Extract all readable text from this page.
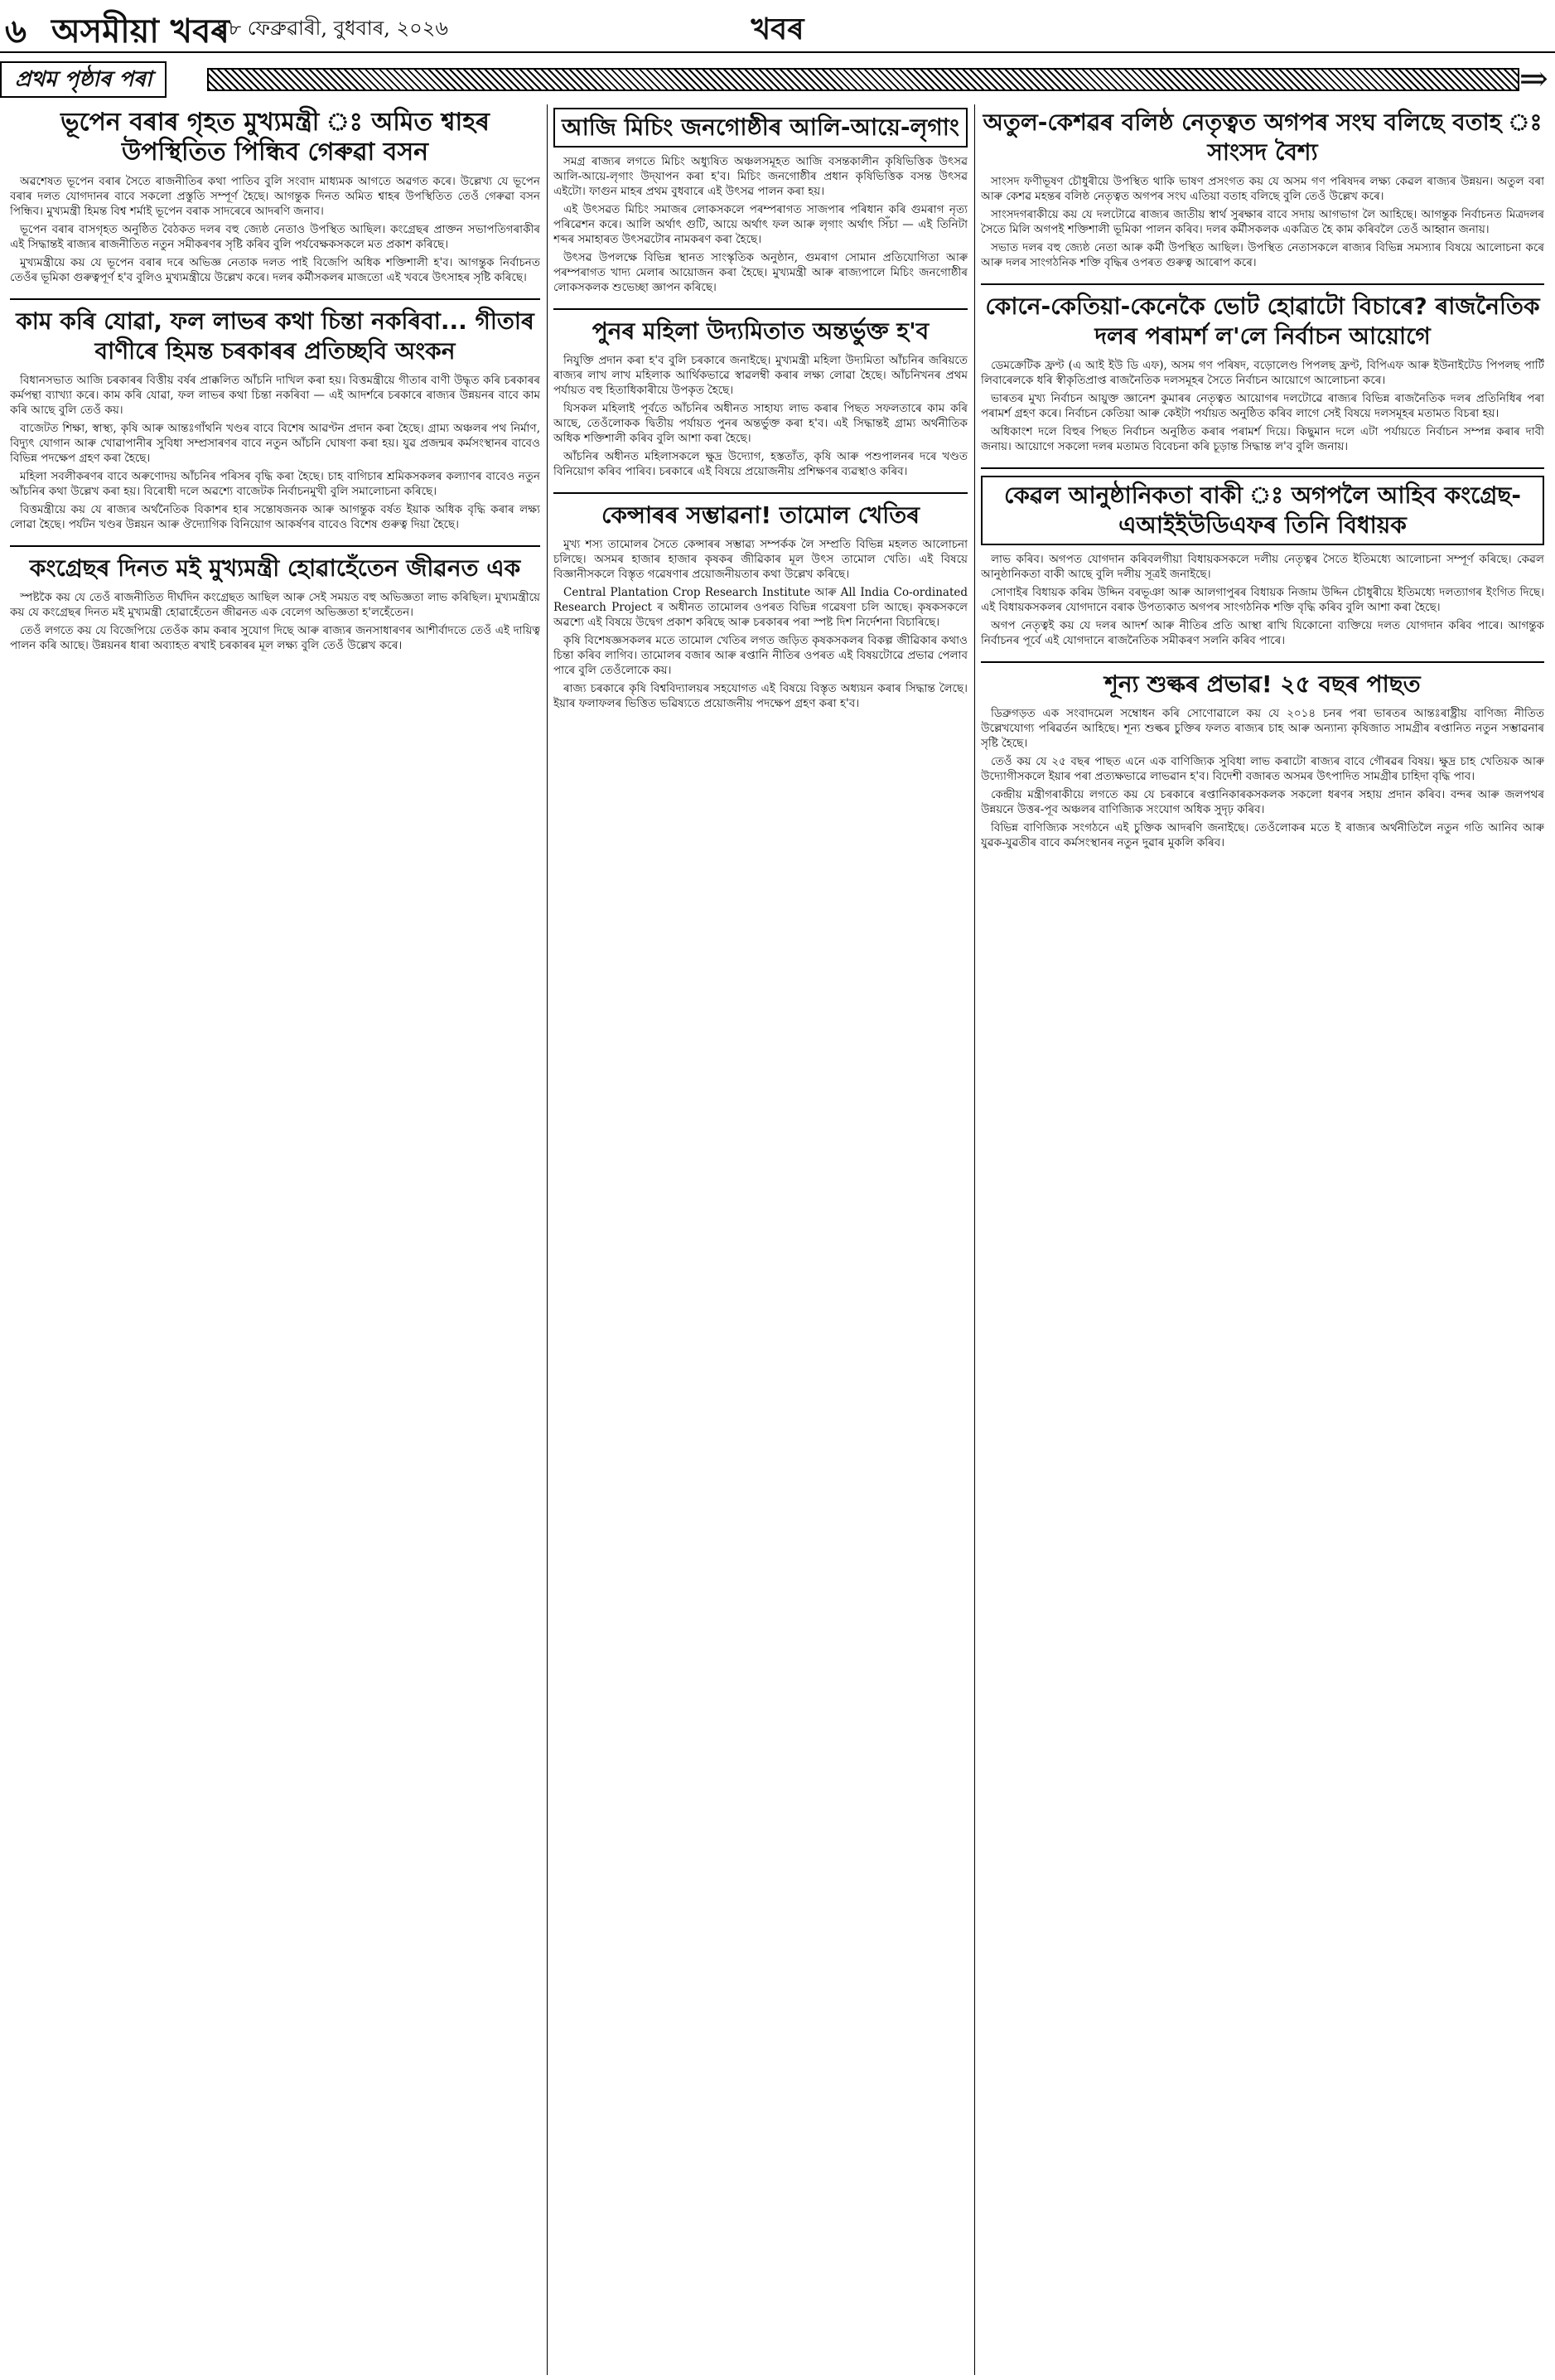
৬ অসমীয়া খবৰ
১৮ ফেব্ৰুৱাৰী, বুধবাৰ, ২০২৬	খবৰ
প্ৰথম পৃষ্ঠাৰ পৰা	⇒
ভূপেন বৰাৰ গৃহত মুখ্যমন্ত্ৰী ঃ অমিত শ্বাহৰ উপস্থিতিত পিন্ধিব গেৰুৱা বসন

অৱশেষত ভূপেন বৰাৰ সৈতে ৰাজনীতিৰ কথা পাতিব বুলি সংবাদ মাধ্যমক আগতে অৱগত কৰে। উল্লেখ্য যে ভূপেন বৰাৰ দলত যোগদানৰ বাবে সকলো প্ৰস্তুতি সম্পূৰ্ণ হৈছে। আগন্তুক দিনত অমিত শ্বাহৰ উপস্থিতিত তেওঁ গেৰুৱা বসন পিন্ধিব। মুখ্যমন্ত্ৰী হিমন্ত বিশ্ব শৰ্মাই ভূপেন বৰাক সাদৰেৰে আদৰণি জনাব।

ভূপেন বৰাৰ বাসগৃহত অনুষ্ঠিত বৈঠকত দলৰ বহু জ্যেষ্ঠ নেতাও উপস্থিত আছিল। কংগ্ৰেছৰ প্ৰাক্তন সভাপতিগৰাকীৰ এই সিদ্ধান্তই ৰাজ্যৰ ৰাজনীতিত নতুন সমীকৰণৰ সৃষ্টি কৰিব বুলি পৰ্যবেক্ষকসকলে মত প্ৰকাশ কৰিছে।

মুখ্যমন্ত্ৰীয়ে কয় যে ভূপেন বৰাৰ দৰে অভিজ্ঞ নেতাক দলত পাই বিজেপি অধিক শক্তিশালী হ'ব। আগন্তুক নিৰ্বাচনত তেওঁৰ ভূমিকা গুৰুত্বপূৰ্ণ হ'ব বুলিও মুখ্যমন্ত্ৰীয়ে উল্লেখ কৰে। দলৰ কৰ্মীসকলৰ মাজতো এই খবৰে উৎসাহৰ সৃষ্টি কৰিছে।

কাম কৰি যোৱা, ফল লাভৰ কথা চিন্তা নকৰিবা... গীতাৰ বাণীৰে হিমন্ত চৰকাৰৰ প্ৰতিচ্ছবি অংকন

বিধানসভাত আজি চৰকাৰৰ বিত্তীয় বৰ্ষৰ প্ৰাক্কলিত আঁচনি দাখিল কৰা হয়। বিত্তমন্ত্ৰীয়ে গীতাৰ বাণী উদ্ধৃত কৰি চৰকাৰৰ কৰ্মপন্থা ব্যাখ্যা কৰে। কাম কৰি যোৱা, ফল লাভৰ কথা চিন্তা নকৰিবা — এই আদৰ্শৰে চৰকাৰে ৰাজ্যৰ উন্নয়নৰ বাবে কাম কৰি আছে বুলি তেওঁ কয়।

বাজেটত শিক্ষা, স্বাস্থ্য, কৃষি আৰু আন্তঃগাঁথনি খণ্ডৰ বাবে বিশেষ আৱণ্টন প্ৰদান কৰা হৈছে। গ্ৰাম্য অঞ্চলৰ পথ নিৰ্মাণ, বিদ্যুৎ যোগান আৰু খোৱাপানীৰ সুবিধা সম্প্ৰসাৰণৰ বাবে নতুন আঁচনি ঘোষণা কৰা হয়। যুৱ প্ৰজন্মৰ কৰ্মসংস্থানৰ বাবেও বিভিন্ন পদক্ষেপ গ্ৰহণ কৰা হৈছে।

মহিলা সবলীকৰণৰ বাবে অৰুণোদয় আঁচনিৰ পৰিসৰ বৃদ্ধি কৰা হৈছে। চাহ বাগিচাৰ শ্ৰমিকসকলৰ কল্যাণৰ বাবেও নতুন আঁচনিৰ কথা উল্লেখ কৰা হয়। বিৰোধী দলে অৱশ্যে বাজেটক নিৰ্বাচনমুখী বুলি সমালোচনা কৰিছে।

বিত্তমন্ত্ৰীয়ে কয় যে ৰাজ্যৰ অৰ্থনৈতিক বিকাশৰ হাৰ সন্তোষজনক আৰু আগন্তুক বৰ্ষত ইয়াক অধিক বৃদ্ধি কৰাৰ লক্ষ্য লোৱা হৈছে। পৰ্যটন খণ্ডৰ উন্নয়ন আৰু ঔদ্যোগিক বিনিয়োগ আকৰ্ষণৰ বাবেও বিশেষ গুৰুত্ব দিয়া হৈছে।

কংগ্ৰেছৰ দিনত মই মুখ্যমন্ত্ৰী হোৱাহেঁতেন জীৱনত এক

স্পষ্টকৈ কয় যে তেওঁ ৰাজনীতিত দীৰ্ঘদিন কংগ্ৰেছত আছিল আৰু সেই সময়ত বহু অভিজ্ঞতা লাভ কৰিছিল। মুখ্যমন্ত্ৰীয়ে কয় যে কংগ্ৰেছৰ দিনত মই মুখ্যমন্ত্ৰী হোৱাহেঁতেন জীৱনত এক বেলেগ অভিজ্ঞতা হ'লহেঁতেন।

তেওঁ লগতে কয় যে বিজেপিয়ে তেওঁক কাম কৰাৰ সুযোগ দিছে আৰু ৰাজ্যৰ জনসাধাৰণৰ আশীৰ্বাদতে তেওঁ এই দায়িত্ব পালন কৰি আছে। উন্নয়নৰ ধাৰা অব্যাহত ৰখাই চৰকাৰৰ মূল লক্ষ্য বুলি তেওঁ উল্লেখ কৰে।

আজি মিচিং জনগোষ্ঠীৰ আলি-আয়ে-লৃগাং

সমগ্ৰ ৰাজ্যৰ লগতে মিচিং অধ্যুষিত অঞ্চলসমূহত আজি বসন্তকালীন কৃষিভিত্তিক উৎসৱ আলি-আয়ে-লৃগাং উদ্‌যাপন কৰা হ'ব। মিচিং জনগোষ্ঠীৰ প্ৰধান কৃষিভিত্তিক বসন্ত উৎসৱ এইটো। ফাগুন মাহৰ প্ৰথম বুধবাৰে এই উৎসৱ পালন কৰা হয়।

এই উৎসৱত মিচিং সমাজৰ লোকসকলে পৰম্পৰাগত সাজপাৰ পৰিধান কৰি গুমৰাগ নৃত্য পৰিৱেশন কৰে। আলি অৰ্থাৎ গুটি, আয়ে অৰ্থাৎ ফল আৰু লৃগাং অৰ্থাৎ সিঁচা — এই তিনিটা শব্দৰ সমাহাৰত উৎসৱটোৰ নামকৰণ কৰা হৈছে।

উৎসৱ উপলক্ষে বিভিন্ন স্থানত সাংস্কৃতিক অনুষ্ঠান, গুমৰাগ সোমান প্ৰতিযোগিতা আৰু পৰম্পৰাগত খাদ্য মেলাৰ আয়োজন কৰা হৈছে। মুখ্যমন্ত্ৰী আৰু ৰাজ্যপালে মিচিং জনগোষ্ঠীৰ লোকসকলক শুভেচ্ছা জ্ঞাপন কৰিছে।

পুনৰ মহিলা উদ্যমিতাত অন্তৰ্ভুক্ত হ'ব

নিযুক্তি প্ৰদান কৰা হ'ব বুলি চৰকাৰে জনাইছে। মুখ্যমন্ত্ৰী মহিলা উদ্যমিতা আঁচনিৰ জৰিয়তে ৰাজ্যৰ লাখ লাখ মহিলাক আৰ্থিকভাৱে স্বাৱলম্বী কৰাৰ লক্ষ্য লোৱা হৈছে। আঁচনিখনৰ প্ৰথম পৰ্যায়ত বহু হিতাধিকাৰীয়ে উপকৃত হৈছে।

যিসকল মহিলাই পূৰ্বতে আঁচনিৰ অধীনত সাহায্য লাভ কৰাৰ পিছত সফলতাৰে কাম কৰি আছে, তেওঁলোকক দ্বিতীয় পৰ্যায়ত পুনৰ অন্তৰ্ভুক্ত কৰা হ'ব। এই সিদ্ধান্তই গ্ৰাম্য অৰ্থনীতিক অধিক শক্তিশালী কৰিব বুলি আশা কৰা হৈছে।

আঁচনিৰ অধীনত মহিলাসকলে ক্ষুদ্ৰ উদ্যোগ, হস্ততাঁত, কৃষি আৰু পশুপালনৰ দৰে খণ্ডত বিনিয়োগ কৰিব পাৰিব। চৰকাৰে এই বিষয়ে প্ৰয়োজনীয় প্ৰশিক্ষণৰ ব্যৱস্থাও কৰিব।

কেন্সাৰৰ সম্ভাৱনা! তামোল খেতিৰ

মুখ্য শস্য তামোলৰ সৈতে কেন্সাৰৰ সম্ভাৱ্য সম্পৰ্কক লৈ সম্প্ৰতি বিভিন্ন মহলত আলোচনা চলিছে। অসমৰ হাজাৰ হাজাৰ কৃষকৰ জীৱিকাৰ মূল উৎস তামোল খেতি। এই বিষয়ে বিজ্ঞানীসকলে বিস্তৃত গৱেষণাৰ প্ৰয়োজনীয়তাৰ কথা উল্লেখ কৰিছে।

Central Plantation Crop Research Institute আৰু All India Co-ordinated Research Project ৰ অধীনত তামোলৰ ওপৰত বিভিন্ন গৱেষণা চলি আছে। কৃষকসকলে অৱশ্যে এই বিষয়ে উদ্বেগ প্ৰকাশ কৰিছে আৰু চৰকাৰৰ পৰা স্পষ্ট দিশ নিৰ্দেশনা বিচাৰিছে।

কৃষি বিশেষজ্ঞসকলৰ মতে তামোল খেতিৰ লগত জড়িত কৃষকসকলৰ বিকল্প জীৱিকাৰ কথাও চিন্তা কৰিব লাগিব। তামোলৰ বজাৰ আৰু ৰপ্তানি নীতিৰ ওপৰত এই বিষয়টোৱে প্ৰভাৱ পেলাব পাৰে বুলি তেওঁলোকে কয়।

ৰাজ্য চৰকাৰে কৃষি বিশ্ববিদ্যালয়ৰ সহযোগত এই বিষয়ে বিস্তৃত অধ্যয়ন কৰাৰ সিদ্ধান্ত লৈছে। ইয়াৰ ফলাফলৰ ভিত্তিত ভৱিষ্যতে প্ৰয়োজনীয় পদক্ষেপ গ্ৰহণ কৰা হ'ব।

অতুল-কেশৱৰ বলিষ্ঠ নেতৃত্বত অগপৰ সংঘ বলিছে বতাহ ঃ সাংসদ বৈশ্য

সাংসদ ফণীভূষণ চৌধুৰীয়ে উপস্থিত থাকি ভাষণ প্ৰসংগত কয় যে অসম গণ পৰিষদৰ লক্ষ্য কেৱল ৰাজ্যৰ উন্নয়ন। অতুল বৰা আৰু কেশৱ মহন্তৰ বলিষ্ঠ নেতৃত্বত অগপৰ সংঘ এতিয়া বতাহ বলিছে বুলি তেওঁ উল্লেখ কৰে।

সাংসদগৰাকীয়ে কয় যে দলটোৱে ৰাজ্যৰ জাতীয় স্বাৰ্থ সুৰক্ষাৰ বাবে সদায় আগভাগ লৈ আহিছে। আগন্তুক নিৰ্বাচনত মিত্ৰদলৰ সৈতে মিলি অগপই শক্তিশালী ভূমিকা পালন কৰিব। দলৰ কৰ্মীসকলক একত্ৰিত হৈ কাম কৰিবলৈ তেওঁ আহ্বান জনায়।

সভাত দলৰ বহু জ্যেষ্ঠ নেতা আৰু কৰ্মী উপস্থিত আছিল। উপস্থিত নেতাসকলে ৰাজ্যৰ বিভিন্ন সমস্যাৰ বিষয়ে আলোচনা কৰে আৰু দলৰ সাংগঠনিক শক্তি বৃদ্ধিৰ ওপৰত গুৰুত্ব আৰোপ কৰে।

কোনে-কেতিয়া-কেনেকৈ ভোট হোৱাটো বিচাৰে? ৰাজনৈতিক দলৰ পৰামৰ্শ ল'লে নিৰ্বাচন আয়োগে

ডেমক্ৰেটিক ফ্ৰণ্ট (এ আই ইউ ডি এফ), অসম গণ পৰিষদ, বড়োলেণ্ড পিপলছ ফ্ৰণ্ট, বিপিএফ আৰু ইউনাইটেড পিপলছ পাৰ্টি লিবাৰেলকে ধৰি স্বীকৃতিপ্ৰাপ্ত ৰাজনৈতিক দলসমূহৰ সৈতে নিৰ্বাচন আয়োগে আলোচনা কৰে।

ভাৰতৰ মুখ্য নিৰ্বাচন আয়ুক্ত জ্ঞানেশ কুমাৰৰ নেতৃত্বত আয়োগৰ দলটোৱে ৰাজ্যৰ বিভিন্ন ৰাজনৈতিক দলৰ প্ৰতিনিধিৰ পৰা পৰামৰ্শ গ্ৰহণ কৰে। নিৰ্বাচন কেতিয়া আৰু কেইটা পৰ্যায়ত অনুষ্ঠিত কৰিব লাগে সেই বিষয়ে দলসমূহৰ মতামত বিচৰা হয়।

অধিকাংশ দলে বিহুৰ পিছত নিৰ্বাচন অনুষ্ঠিত কৰাৰ পৰামৰ্শ দিয়ে। কিছুমান দলে এটা পৰ্যায়তে নিৰ্বাচন সম্পন্ন কৰাৰ দাবী জনায়। আয়োগে সকলো দলৰ মতামত বিবেচনা কৰি চূড়ান্ত সিদ্ধান্ত ল'ব বুলি জনায়।

কেৱল আনুষ্ঠানিকতা বাকী ঃ অগপলৈ আহিব কংগ্ৰেছ-এআইইউডিএফৰ তিনি বিধায়ক

লাভ কৰিব। অগপত যোগদান কৰিবলগীয়া বিধায়কসকলে দলীয় নেতৃত্বৰ সৈতে ইতিমধ্যে আলোচনা সম্পূৰ্ণ কৰিছে। কেৱল আনুষ্ঠানিকতা বাকী আছে বুলি দলীয় সূত্ৰই জনাইছে।

সোণাইৰ বিধায়ক কৰিম উদ্দিন বৰভূঞা আৰু আলগাপুৰৰ বিধায়ক নিজাম উদ্দিন চৌধুৰীয়ে ইতিমধ্যে দলত্যাগৰ ইংগিত দিছে। এই বিধায়কসকলৰ যোগদানে বৰাক উপত্যকাত অগপৰ সাংগঠনিক শক্তি বৃদ্ধি কৰিব বুলি আশা কৰা হৈছে।

অগপ নেতৃত্বই কয় যে দলৰ আদৰ্শ আৰু নীতিৰ প্ৰতি আস্থা ৰাখি যিকোনো ব্যক্তিয়ে দলত যোগদান কৰিব পাৰে। আগন্তুক নিৰ্বাচনৰ পূৰ্বে এই যোগদানে ৰাজনৈতিক সমীকৰণ সলনি কৰিব পাৰে।

শূন্য শুল্কৰ প্ৰভাৱ! ২৫ বছৰ পাছত

ডিব্ৰুগড়ত এক সংবাদমেল সম্বোধন কৰি সোণোৱালে কয় যে ২০১৪ চনৰ পৰা ভাৰতৰ আন্তঃৰাষ্ট্ৰীয় বাণিজ্য নীতিত উল্লেখযোগ্য পৰিৱৰ্তন আহিছে। শূন্য শুল্কৰ চুক্তিৰ ফলত ৰাজ্যৰ চাহ আৰু অন্যান্য কৃষিজাত সামগ্ৰীৰ ৰপ্তানিত নতুন সম্ভাৱনাৰ সৃষ্টি হৈছে।

তেওঁ কয় যে ২৫ বছৰ পাছত এনে এক বাণিজ্যিক সুবিধা লাভ কৰাটো ৰাজ্যৰ বাবে গৌৰৱৰ বিষয়। ক্ষুদ্ৰ চাহ খেতিয়ক আৰু উদ্যোগীসকলে ইয়াৰ পৰা প্ৰত্যক্ষভাৱে লাভৱান হ'ব। বিদেশী বজাৰত অসমৰ উৎপাদিত সামগ্ৰীৰ চাহিদা বৃদ্ধি পাব।

কেন্দ্ৰীয় মন্ত্ৰীগৰাকীয়ে লগতে কয় যে চৰকাৰে ৰপ্তানিকাৰকসকলক সকলো ধৰণৰ সহায় প্ৰদান কৰিব। বন্দৰ আৰু জলপথৰ উন্নয়নে উত্তৰ-পূব অঞ্চলৰ বাণিজ্যিক সংযোগ অধিক সুদৃঢ় কৰিব।

বিভিন্ন বাণিজ্যিক সংগঠনে এই চুক্তিক আদৰণি জনাইছে। তেওঁলোকৰ মতে ই ৰাজ্যৰ অৰ্থনীতিলৈ নতুন গতি আনিব আৰু যুৱক-যুৱতীৰ বাবে কৰ্মসংস্থানৰ নতুন দুৱাৰ মুকলি কৰিব।
